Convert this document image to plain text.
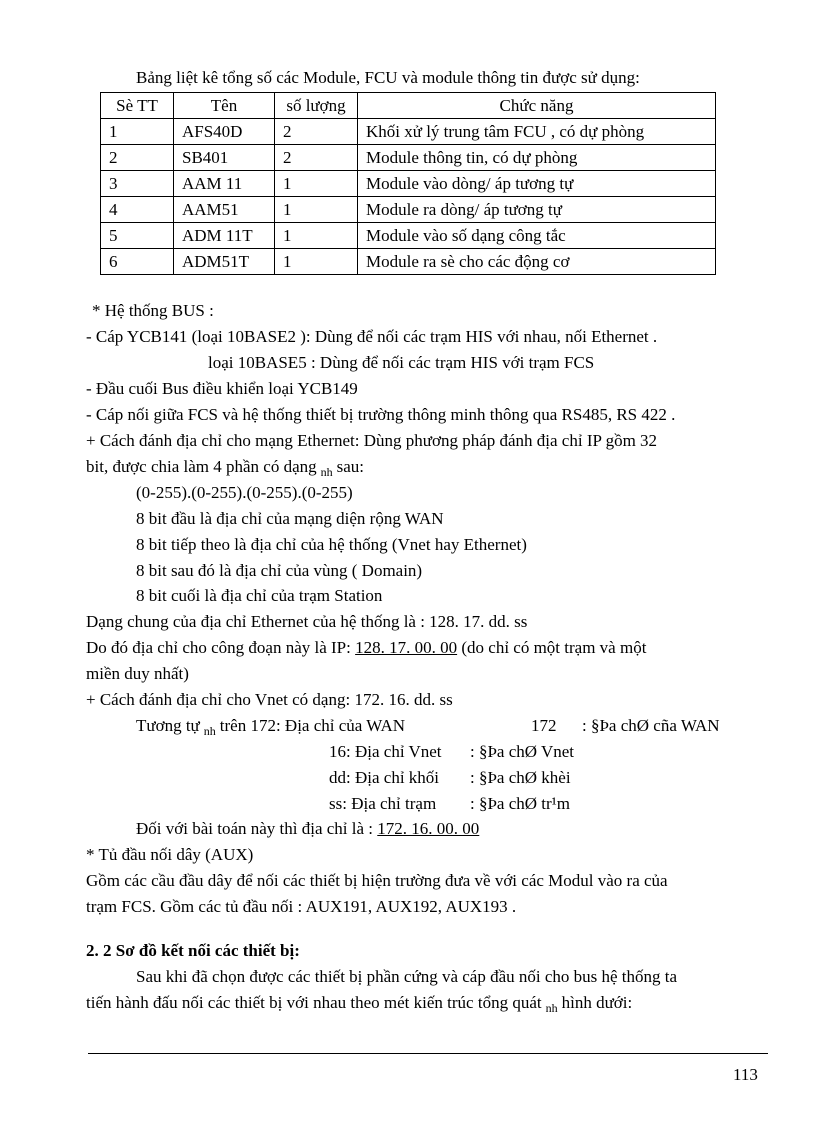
Bảng liệt kê tổng số các Module, FCU và module thông tin được sử dụng:
Sè TT	Tên	số lượng	Chức năng
1	AFS40D	2	Khối xử lý trung tâm FCU , có dự phòng
2	SB401	2	Module thông tin, có dự phòng
3	AAM 11	1	Module vào dòng/ áp tương tự
4	AAM51	1	Module ra dòng/ áp tương tự
5	ADM 11T	1	Module vào số dạng công tắc
6	ADM51T	1	Module ra sè cho các động cơ
* Hệ thống BUS :
- Cáp YCB141 (loại 10BASE2 ): Dùng để nối các trạm HIS với nhau, nối Ethernet .
loại 10BASE5 : Dùng để nối các trạm HIS với trạm FCS
- Đầu cuối Bus điều khiển loại YCB149
- Cáp nối giữa FCS và hệ thống thiết bị trường thông minh thông qua RS485, RS 422 .
+ Cách đánh địa chỉ cho mạng Ethernet: Dùng phương pháp đánh địa chỉ IP gồm 32
bit, được chia làm 4 phần có dạng $_{nh}$ sau:
(0-255).(0-255).(0-255).(0-255)
8 bit đầu là địa chỉ của mạng diện rộng WAN
8 bit tiếp theo là địa chỉ của hệ thống (Vnet hay Ethernet)
8 bit sau đó là địa chỉ của vùng ( Domain)
8 bit cuối là địa chỉ của trạm Station
Dạng chung của địa chỉ Ethernet của hệ thống là : 128. 17. dd. ss
Do đó địa chỉ cho công đoạn này là IP: 128. 17. 00. 00 (do chỉ có một trạm và một
miền duy nhất)
+ Cách đánh địa chỉ cho Vnet có dạng: 172. 16. dd. ss
Tương tự $_{nh}$ trên 172: Địa chỉ của WAN	172 : §Þa chØ cña WAN
16: Địa chỉ Vnet : §Þa chØ Vnet
dd: Địa chỉ khối : §Þa chØ khèi
ss: Địa chỉ trạm : §Þa chØ tr¹m
Đối với bài toán này thì địa chỉ là : 172. 16. 00. 00
* Tủ đầu nối dây (AUX)
Gồm các cầu đầu dây để nối các thiết bị hiện trường đưa về với các Modul vào ra của
trạm FCS. Gồm các tủ đầu nối : AUX191, AUX192, AUX193 .
2. 2 Sơ đồ kết nối các thiết bị:
Sau khi đã chọn được các thiết bị phần cứng và cáp đầu nối cho bus hệ thống ta
tiến hành đấu nối các thiết bị với nhau theo mét kiến trúc tổng quát $_{nh}$ hình dưới:
113
